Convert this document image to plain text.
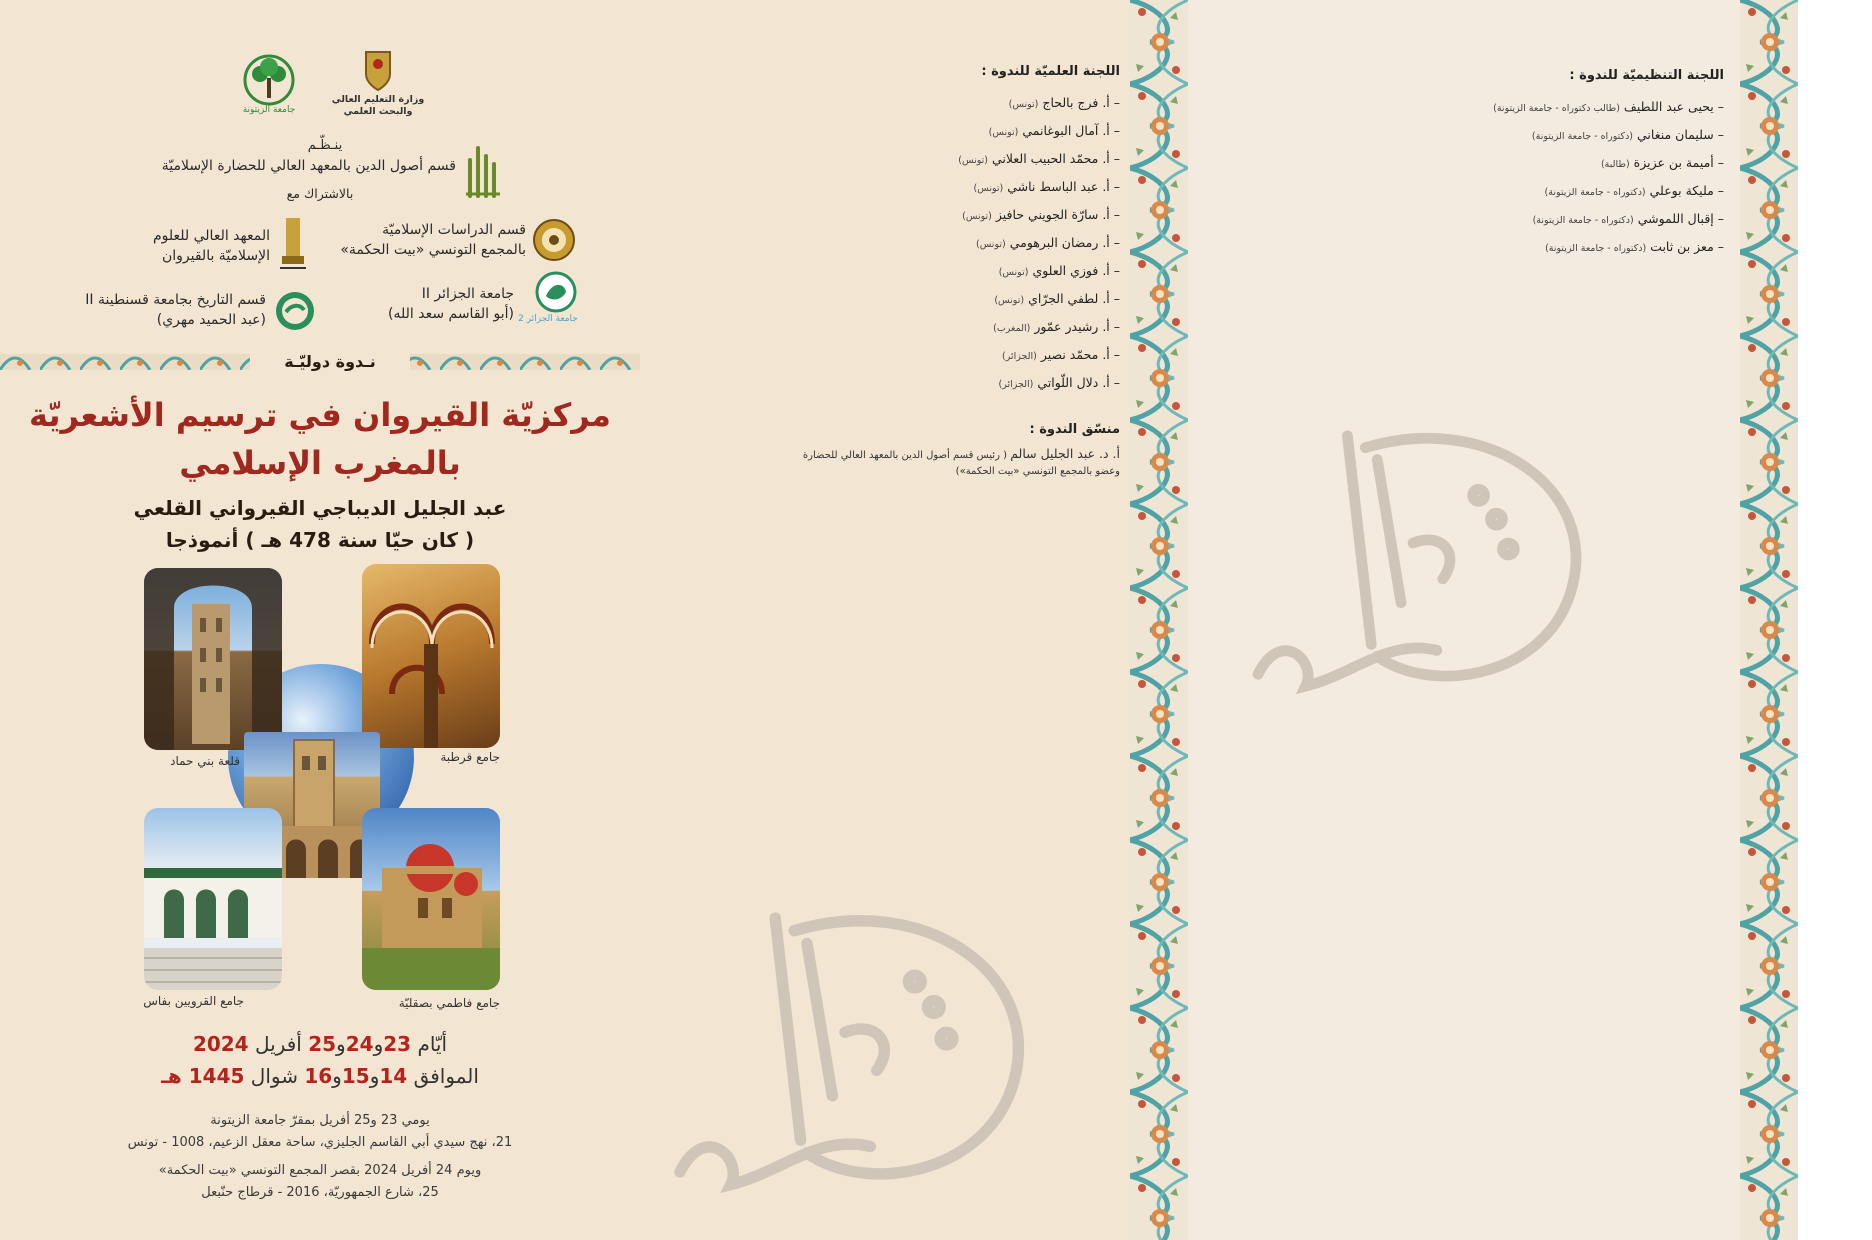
جامعة الزيتونة
وزارة التعليم العالي والبحث العلمي
ينـظّـم
قسم أصول الدين بالمعهد العالي للحضارة الإسلاميّة
بالاشتراك مع
قسم الدراسات الإسلاميّة
بالمجمع التونسي «بيت الحكمة»
المعهد العالي للعلوم
الإسلاميّة بالقيروان
جامعة الجزائر 2
جامعة الجزائر II
(أبو القاسم سعد الله)
قسم التاريخ بجامعة قسنطينة II
(عبد الحميد مهري)
نـدوة دوليّـة
مركزيّة القيروان في ترسيم الأشعريّة
بالمغرب الإسلامي
عبد الجليل الديباجي القيرواني القلعي
( كان حيّا سنة 478 هـ ) أنموذجا
قلعة بني حماد	جامع قرطبة
جامع القرويين بفاس	جامع فاطمي بصقليّة
أيّام 23و24و25 أفريل 2024
الموافق 14و15و16 شوال 1445 هـ
يومي 23 و25 أفريل بمقرّ جامعة الزيتونة
21، نهج سيدي أبي القاسم الجليزي، ساحة معقل الزعيم، 1008 - تونس
ويوم 24 أفريل 2024 بقصر المجمع التونسي «بيت الحكمة»
25، شارع الجمهوريّة، 2016 - قرطاج حنّبعل
اللجنة العلميّة للندوة :
– أ. فرج بالحاج (تونس)
– أ. آمال البوغانمي (تونس)
– أ. محمّد الحبيب العلاني (تونس)
– أ. عبد الباسط ناشي (تونس)
– أ. سارّة الجويني حافيز (تونس)
– أ. رمضان البرهومي (تونس)
– أ. فوزي العلوي (تونس)
– أ. لطفي الجرّاي (تونس)
– أ. رشيدر عمّور (المغرب)
– أ. محمّد نصير (الجزائر)
– أ. دلال اللّواتي (الجزائر)
منسّق الندوة :
أ. د. عبد الجليل سالم ( رئيس قسم أصول الدين بالمعهد العالي للحضارة
وعضو بالمجمع التونسي «بيت الحكمة»)
اللجنة التنظيميّة للندوة :
– يحيى عبد اللطيف (طالب دكتوراه - جامعة الزيتونة)
– سليمان منغاني (دكتوراه - جامعة الزيتونة)
– أميمة بن عزيزة (طالبة)
– مليكة بوعلي (دكتوراه - جامعة الزيتونة)
– إقبال اللموشي (دكتوراه - جامعة الزيتونة)
– معز بن ثابت (دكتوراه - جامعة الزيتونة)
